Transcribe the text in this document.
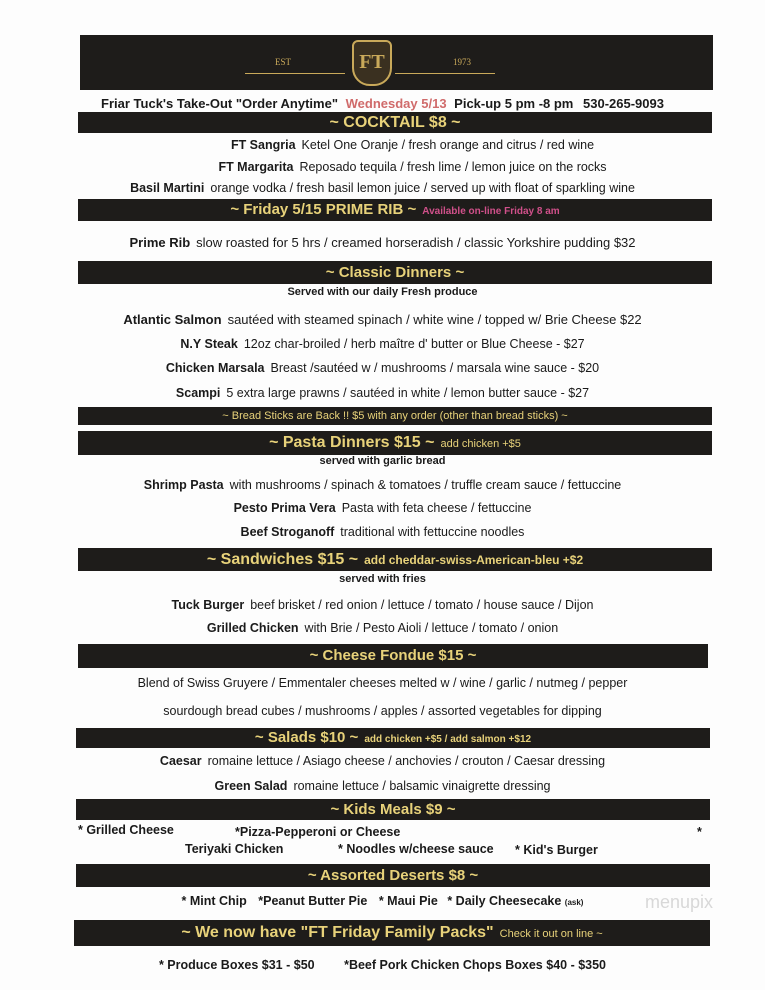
EST	1973
FT
Friar Tuck's Take-Out "Order Anytime" Wednesday 5/13 Pick-up 5 pm -8 pm 530-265-9093
~ COCKTAIL $8 ~
FT Sangria Ketel One Oranje / fresh orange and citrus / red wine
FT Margarita Reposado tequila / fresh lime / lemon juice on the rocks
Basil Martini orange vodka / fresh basil lemon juice / served up with float of sparkling wine
~ Friday 5/15 PRIME RIB ~ Available on-line Friday 8 am
Prime Rib slow roasted for 5 hrs / creamed horseradish / classic Yorkshire pudding $32
~ Classic Dinners ~
Served with our daily Fresh produce
Atlantic Salmon sautéed with steamed spinach / white wine / topped w/ Brie Cheese $22
N.Y Steak 12oz char-broiled / herb maître d' butter or Blue Cheese - $27
Chicken Marsala Breast /sautéed w / mushrooms / marsala wine sauce - $20
Scampi 5 extra large prawns / sautéed in white / lemon butter sauce - $27
~ Bread Sticks are Back !! $5 with any order (other than bread sticks) ~
~ Pasta Dinners $15 ~ add chicken +$5
served with garlic bread
Shrimp Pasta with mushrooms / spinach & tomatoes / truffle cream sauce / fettuccine
Pesto Prima Vera Pasta with feta cheese / fettuccine
Beef Stroganoff traditional with fettuccine noodles
~ Sandwiches $15 ~ add cheddar-swiss-American-bleu +$2
served with fries
Tuck Burger beef brisket / red onion / lettuce / tomato / house sauce / Dijon
Grilled Chicken with Brie / Pesto Aioli / lettuce / tomato / onion
~ Cheese Fondue $15 ~
Blend of Swiss Gruyere / Emmentaler cheeses melted w / wine / garlic / nutmeg / pepper
sourdough bread cubes / mushrooms / apples / assorted vegetables for dipping
~ Salads $10 ~ add chicken +$5 / add salmon +$12
Caesar romaine lettuce / Asiago cheese / anchovies / crouton / Caesar dressing
Green Salad romaine lettuce / balsamic vinaigrette dressing
~ Kids Meals $9 ~
* Grilled Cheese	*Pizza-Pepperoni or Cheese	*
Teriyaki Chicken	* Noodles w/cheese sauce * Kid's Burger
~ Assorted Deserts $8 ~
* Mint Chip *Peanut Butter Pie * Maui Pie * Daily Cheesecake (ask)	menupix
~ We now have "FT Friday Family Packs" Check it out on line ~
* Produce Boxes $31 - $50 *Beef Pork Chicken Chops Boxes $40 - $350
